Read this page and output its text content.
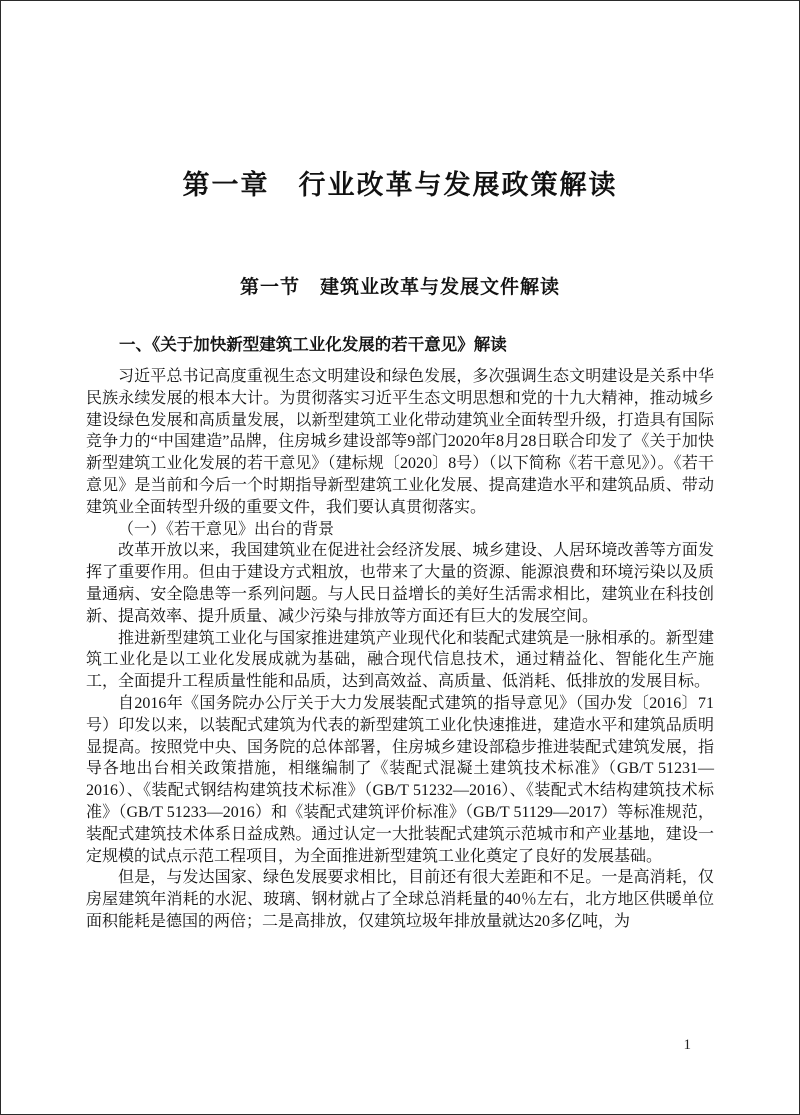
第一章　行业改革与发展政策解读
第一节　建筑业改革与发展文件解读

一、《关于加快新型建筑工业化发展的若干意见》解读

习近平总书记高度重视生态文明建设和绿色发展，多次强调生态文明建设是关系中华民族永续发展的根本大计。为贯彻落实习近平生态文明思想和党的十九大精神，推动城乡建设绿色发展和高质量发展，以新型建筑工业化带动建筑业全面转型升级，打造具有国际竞争力的“中国建造”品牌，住房城乡建设部等9部门2020年8月28日联合印发了《关于加快新型建筑工业化发展的若干意见》（建标规〔2020〕8号）（以下简称《若干意见》）。《若干意见》是当前和今后一个时期指导新型建筑工业化发展、提高建造水平和建筑品质、带动建筑业全面转型升级的重要文件，我们要认真贯彻落实。

（一）《若干意见》出台的背景

改革开放以来，我国建筑业在促进社会经济发展、城乡建设、人居环境改善等方面发挥了重要作用。但由于建设方式粗放，也带来了大量的资源、能源浪费和环境污染以及质量通病、安全隐患等一系列问题。与人民日益增长的美好生活需求相比，建筑业在科技创新、提高效率、提升质量、减少污染与排放等方面还有巨大的发展空间。

推进新型建筑工业化与国家推进建筑产业现代化和装配式建筑是一脉相承的。新型建筑工业化是以工业化发展成就为基础，融合现代信息技术，通过精益化、智能化生产施工，全面提升工程质量性能和品质，达到高效益、高质量、低消耗、低排放的发展目标。

自2016年《国务院办公厅关于大力发展装配式建筑的指导意见》（国办发〔2016〕71号）印发以来，以装配式建筑为代表的新型建筑工业化快速推进，建造水平和建筑品质明显提高。按照党中央、国务院的总体部署，住房城乡建设部稳步推进装配式建筑发展，指导各地出台相关政策措施，相继编制了《装配式混凝土建筑技术标准》（GB/T 51231—2016）、《装配式钢结构建筑技术标准》（GB/T 51232—2016）、《装配式木结构建筑技术标准》（GB/T 51233—2016）和《装配式建筑评价标准》（GB/T 51129—2017）等标准规范，装配式建筑技术体系日益成熟。通过认定一大批装配式建筑示范城市和产业基地，建设一定规模的试点示范工程项目，为全面推进新型建筑工业化奠定了良好的发展基础。

但是，与发达国家、绿色发展要求相比，目前还有很大差距和不足。一是高消耗，仅房屋建筑年消耗的水泥、玻璃、钢材就占了全球总消耗量的40％左右，北方地区供暖单位面积能耗是德国的两倍；二是高排放，仅建筑垃圾年排放量就达20多亿吨，为

1
